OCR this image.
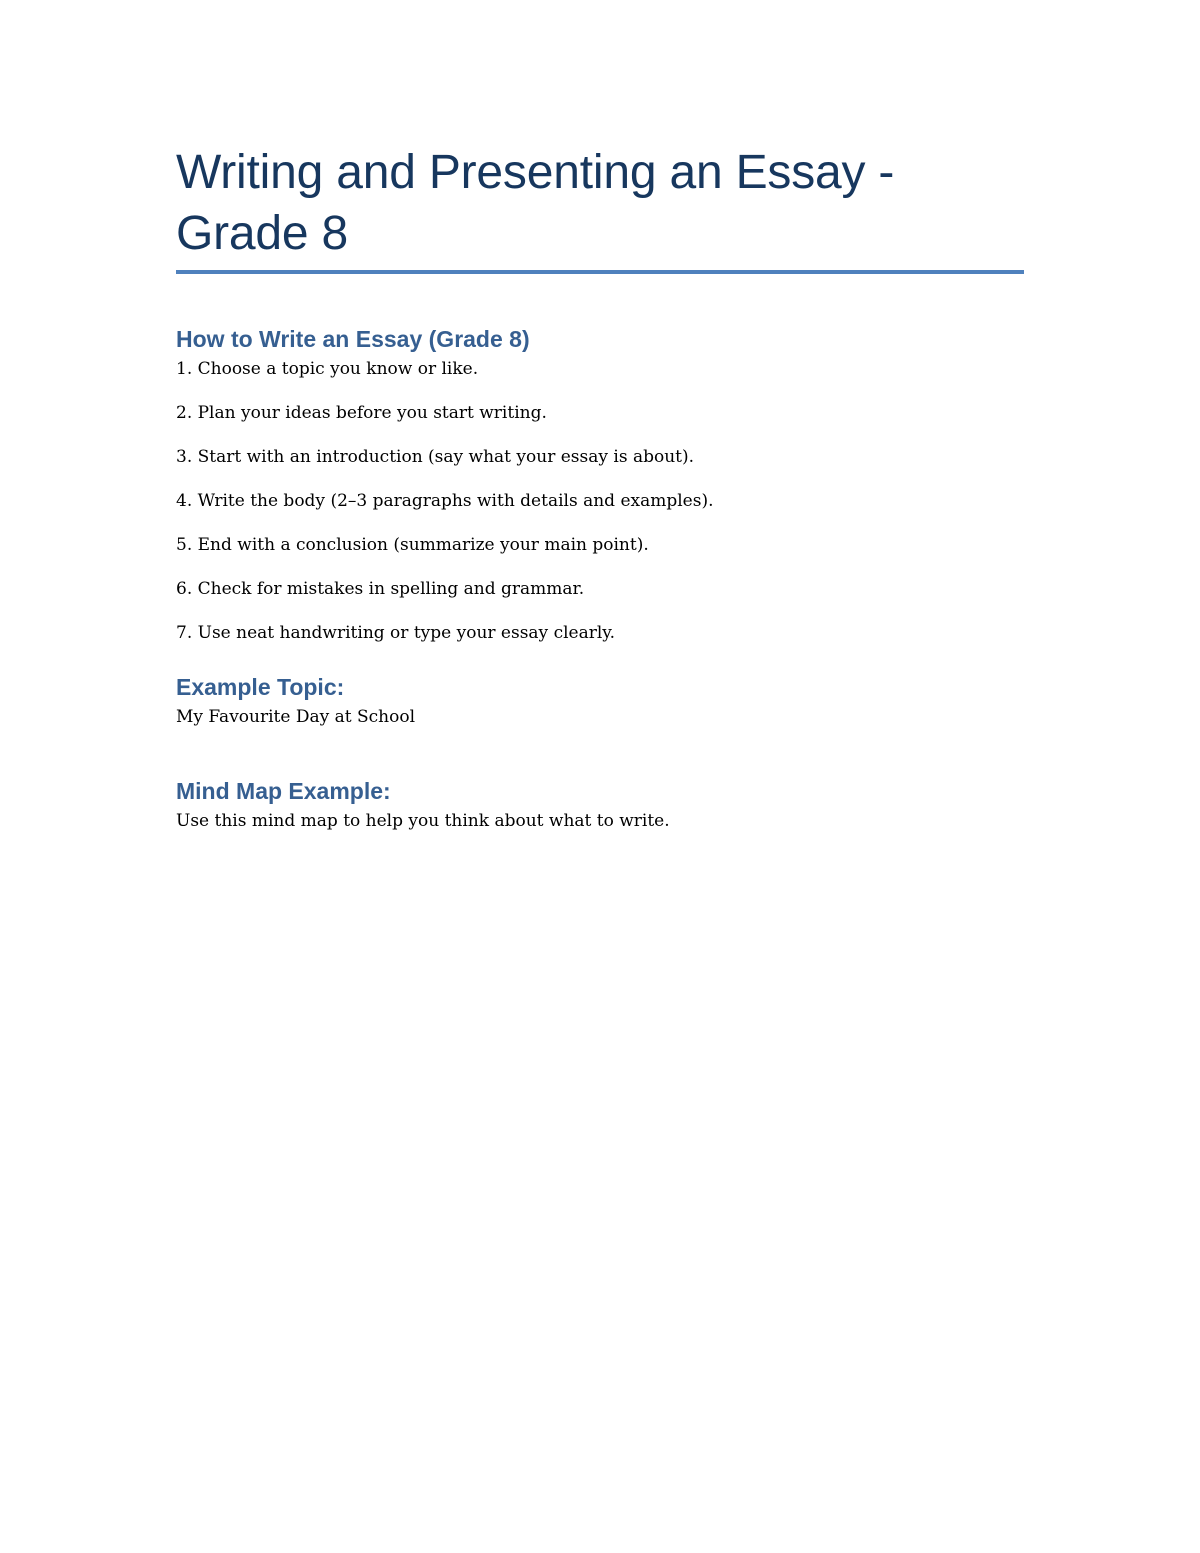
Writing and Presenting an Essay - Grade 8
How to Write an Essay (Grade 8)

1. Choose a topic you know or like.

2. Plan your ideas before you start writing.

3. Start with an introduction (say what your essay is about).

4. Write the body (2–3 paragraphs with details and examples).

5. End with a conclusion (summarize your main point).

6. Check for mistakes in spelling and grammar.

7. Use neat handwriting or type your essay clearly.

Example Topic:

My Favourite Day at School

Mind Map Example:

Use this mind map to help you think about what to write.
